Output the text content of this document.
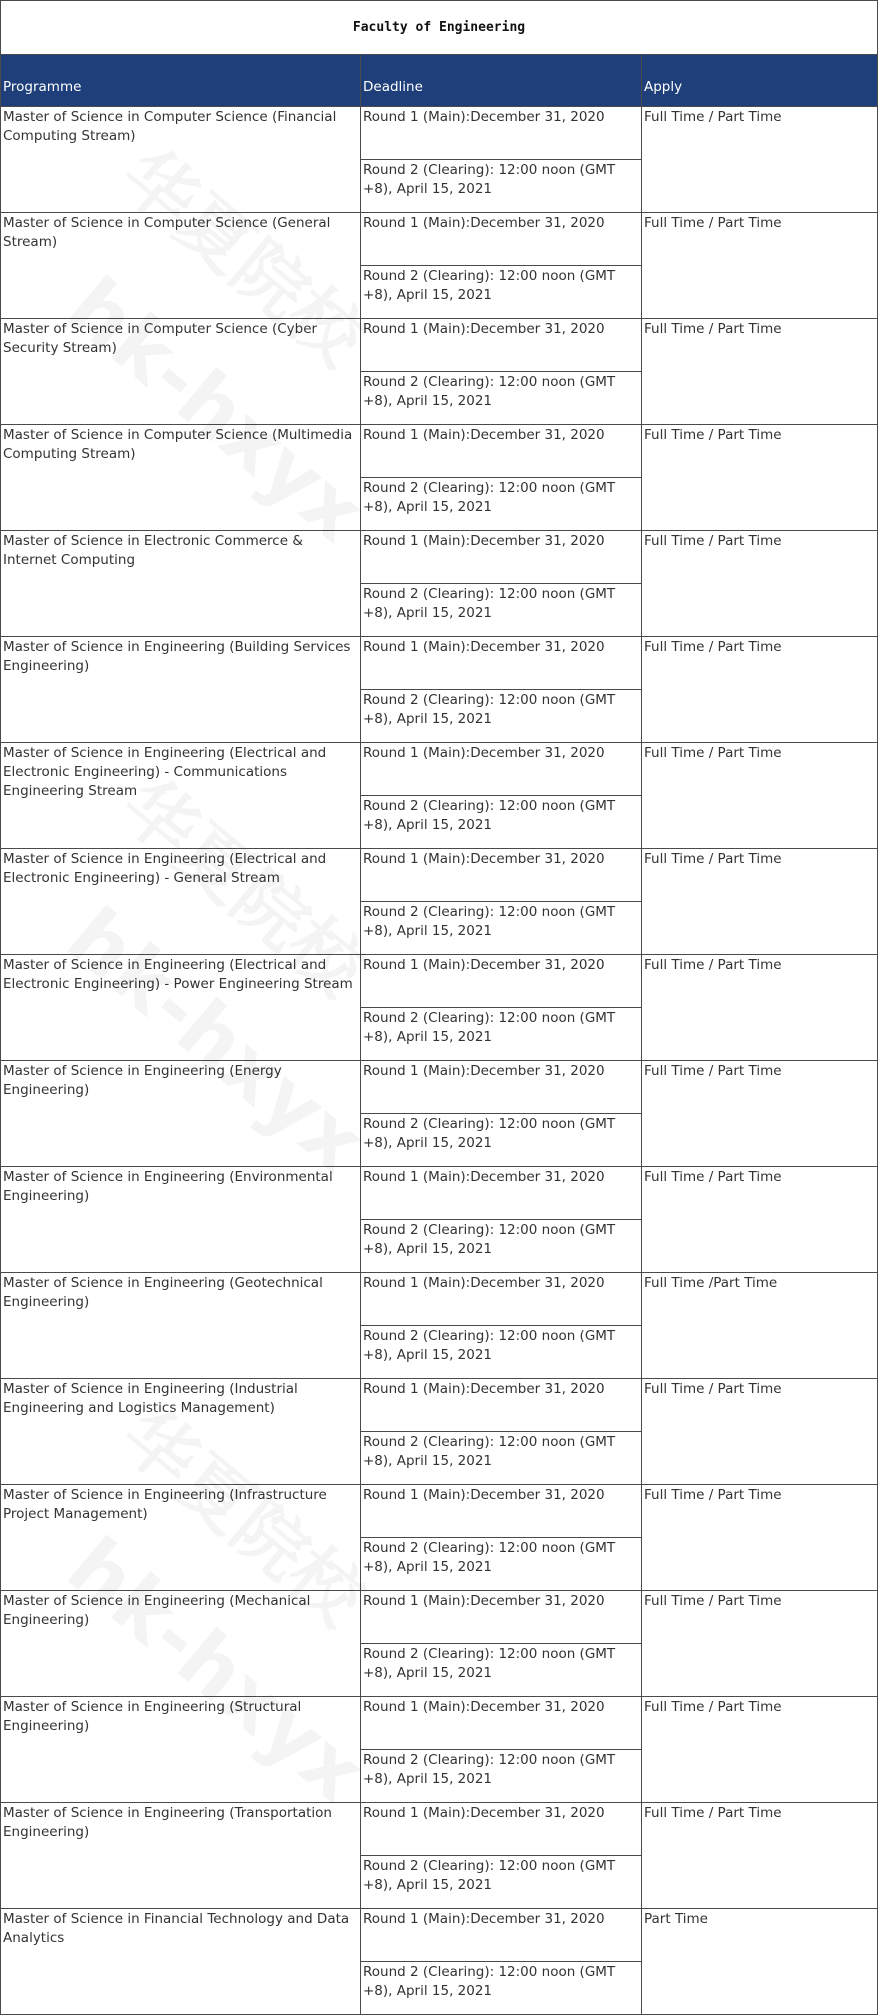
Faculty of Engineering		
Programme	Deadline	Apply
Master of Science in Computer Science (Financial Computing Stream)	Round 1 (Main):December 31, 2020	Full Time / Part Time
	Round 2 (Clearing): 12:00 noon (GMT +8), April 15, 2021	
Master of Science in Computer Science (General Stream)	Round 1 (Main):December 31, 2020	Full Time / Part Time
	Round 2 (Clearing): 12:00 noon (GMT +8), April 15, 2021	
Master of Science in Computer Science (Cyber Security Stream)	Round 1 (Main):December 31, 2020	Full Time / Part Time
	Round 2 (Clearing): 12:00 noon (GMT +8), April 15, 2021	
Master of Science in Computer Science (Multimedia Computing Stream)	Round 1 (Main):December 31, 2020	Full Time / Part Time
	Round 2 (Clearing): 12:00 noon (GMT +8), April 15, 2021	
Master of Science in Electronic Commerce & Internet Computing	Round 1 (Main):December 31, 2020	Full Time / Part Time
	Round 2 (Clearing): 12:00 noon (GMT +8), April 15, 2021	
Master of Science in Engineering (Building Services Engineering)	Round 1 (Main):December 31, 2020	Full Time / Part Time
	Round 2 (Clearing): 12:00 noon (GMT +8), April 15, 2021	
Master of Science in Engineering (Electrical and Electronic Engineering) - Communications Engineering Stream	Round 1 (Main):December 31, 2020	Full Time / Part Time
	Round 2 (Clearing): 12:00 noon (GMT +8), April 15, 2021	
Master of Science in Engineering (Electrical and Electronic Engineering) - General Stream	Round 1 (Main):December 31, 2020	Full Time / Part Time
	Round 2 (Clearing): 12:00 noon (GMT +8), April 15, 2021	
Master of Science in Engineering (Electrical and Electronic Engineering) - Power Engineering Stream	Round 1 (Main):December 31, 2020	Full Time / Part Time
	Round 2 (Clearing): 12:00 noon (GMT +8), April 15, 2021	
Master of Science in Engineering (Energy Engineering)	Round 1 (Main):December 31, 2020	Full Time / Part Time
	Round 2 (Clearing): 12:00 noon (GMT +8), April 15, 2021	
Master of Science in Engineering (Environmental Engineering)	Round 1 (Main):December 31, 2020	Full Time / Part Time
	Round 2 (Clearing): 12:00 noon (GMT +8), April 15, 2021	
Master of Science in Engineering (Geotechnical Engineering)	Round 1 (Main):December 31, 2020	Full Time /Part Time
	Round 2 (Clearing): 12:00 noon (GMT +8), April 15, 2021	
Master of Science in Engineering (Industrial Engineering and Logistics Management)	Round 1 (Main):December 31, 2020	Full Time / Part Time
	Round 2 (Clearing): 12:00 noon (GMT +8), April 15, 2021	
Master of Science in Engineering (Infrastructure Project Management)	Round 1 (Main):December 31, 2020	Full Time / Part Time
	Round 2 (Clearing): 12:00 noon (GMT +8), April 15, 2021	
Master of Science in Engineering (Mechanical Engineering)	Round 1 (Main):December 31, 2020	Full Time / Part Time
	Round 2 (Clearing): 12:00 noon (GMT +8), April 15, 2021	
Master of Science in Engineering (Structural Engineering)	Round 1 (Main):December 31, 2020	Full Time / Part Time
	Round 2 (Clearing): 12:00 noon (GMT +8), April 15, 2021	
Master of Science in Engineering (Transportation Engineering)	Round 1 (Main):December 31, 2020	Full Time / Part Time
	Round 2 (Clearing): 12:00 noon (GMT +8), April 15, 2021	
Master of Science in Financial Technology and Data Analytics	Round 1 (Main):December 31, 2020	Part Time
	Round 2 (Clearing): 12:00 noon (GMT +8), April 15, 2021	
